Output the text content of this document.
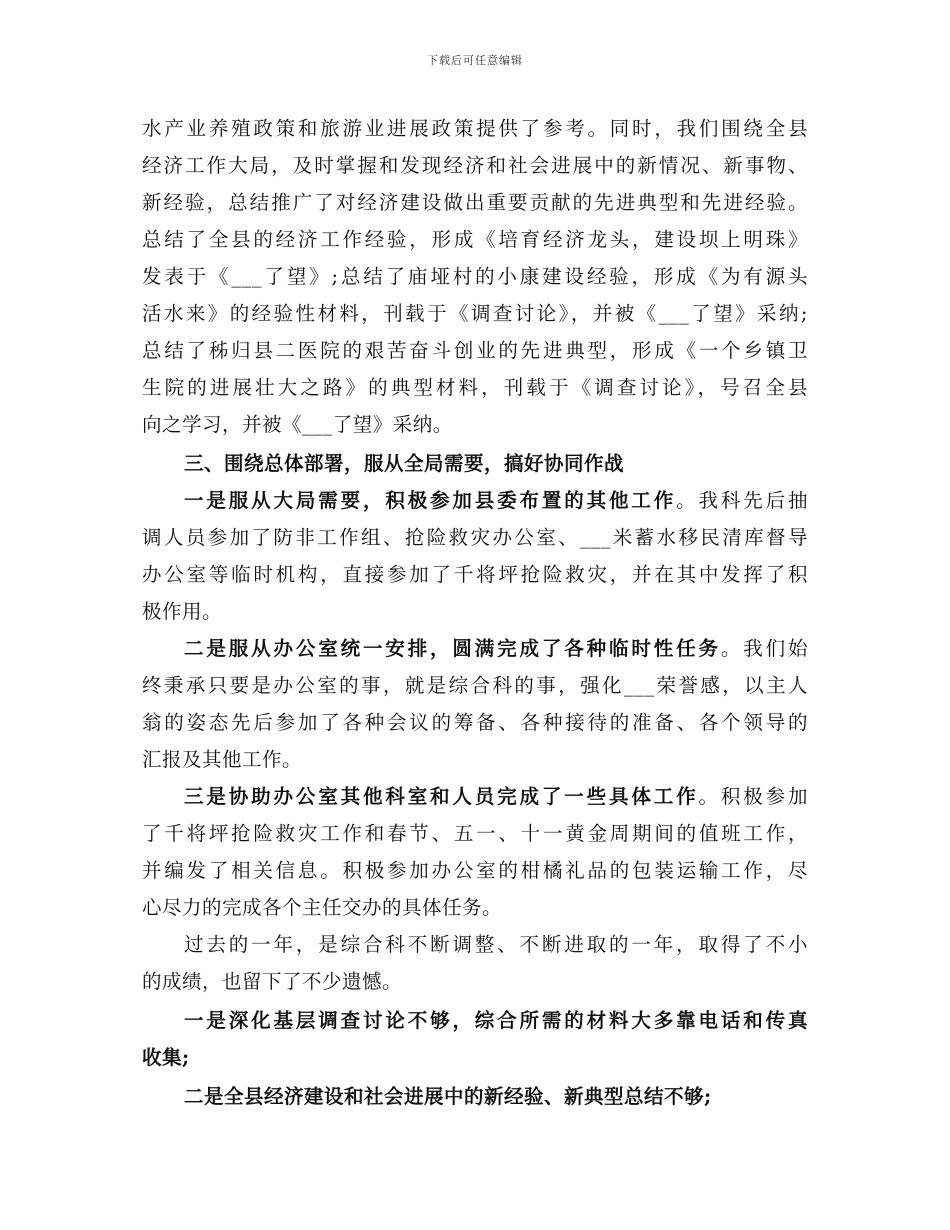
下载后可任意编辑
水产业养殖政策和旅游业进展政策提供了参考。同时，我们围绕全县
经济工作大局，及时掌握和发现经济和社会进展中的新情况、新事物、
新经验，总结推广了对经济建设做出重要贡献的先进典型和先进经验。
总结了全县的经济工作经验，形成《培育经济龙头，建设坝上明珠》
发表于《___了望》;总结了庙垭村的小康建设经验，形成《为有源头
活水来》的经验性材料，刊载于《调查讨论》，并被《___了望》采纳;
总结了秭归县二医院的艰苦奋斗创业的先进典型，形成《一个乡镇卫
生院的进展壮大之路》的典型材料，刊载于《调查讨论》，号召全县
向之学习，并被《___了望》采纳。
三、围绕总体部署，服从全局需要，搞好协同作战
一是服从大局需要，积极参加县委布置的其他工作。我科先后抽
调人员参加了防非工作组、抢险救灾办公室、___米蓄水移民清库督导
办公室等临时机构，直接参加了千将坪抢险救灾，并在其中发挥了积
极作用。
二是服从办公室统一安排，圆满完成了各种临时性任务。我们始
终秉承只要是办公室的事，就是综合科的事，强化___荣誉感，以主人
翁的姿态先后参加了各种会议的筹备、各种接待的准备、各个领导的
汇报及其他工作。
三是协助办公室其他科室和人员完成了一些具体工作。积极参加
了千将坪抢险救灾工作和春节、五一、十一黄金周期间的值班工作，
并编发了相关信息。积极参加办公室的柑橘礼品的包装运输工作，尽
心尽力的完成各个主任交办的具体任务。
过去的一年，是综合科不断调整、不断进取的一年，取得了不小
的成绩，也留下了不少遗憾。
一是深化基层调查讨论不够，综合所需的材料大多靠电话和传真
收集;
二是全县经济建设和社会进展中的新经验、新典型总结不够;
